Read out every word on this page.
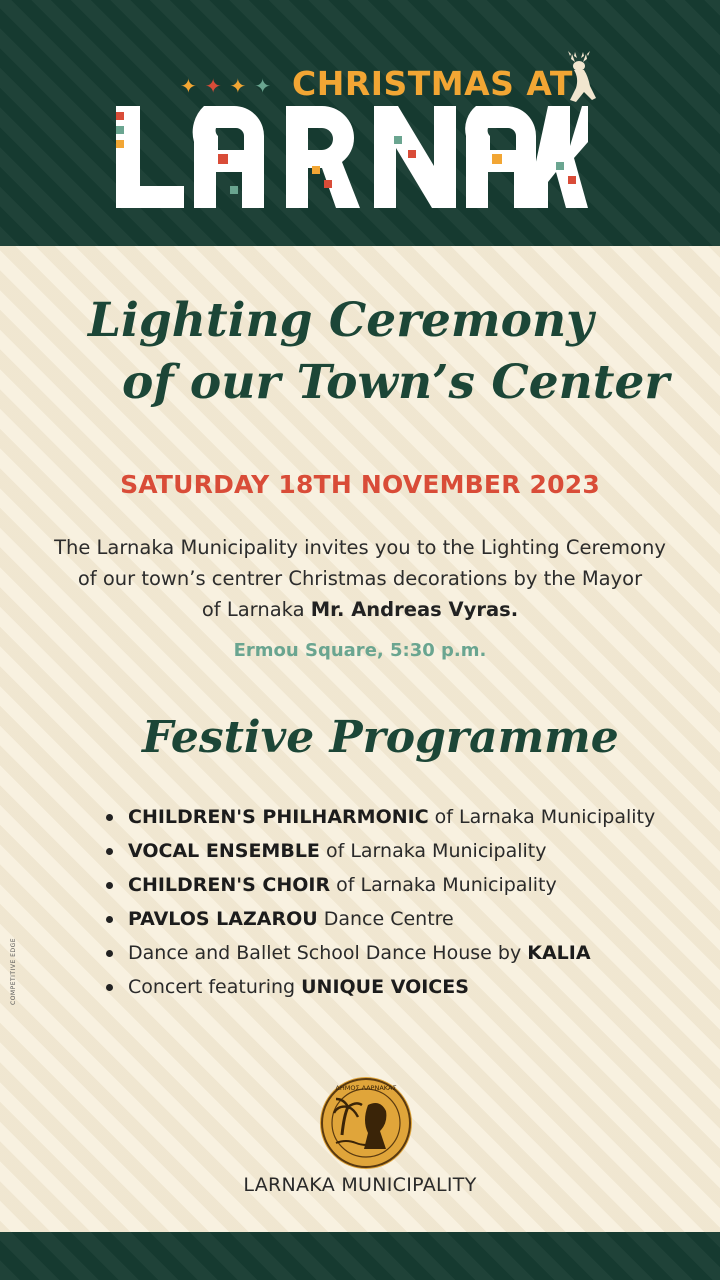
✦ ✦ ✦ ✦ CHRISTMAS AT
Lighting Ceremony
of our Town’s Center
SATURDAY 18TH NOVEMBER 2023
The Larnaka Municipality invites you to the Lighting Ceremony
of our town’s centrer Christmas decorations by the Mayor
of Larnaka Mr. Andreas Vyras.
Ermou Square, 5:30 p.m.
Festive Programme
CHILDREN'S PHILHARMONIC of Larnaka Municipality
VOCAL ENSEMBLE of Larnaka Municipality
CHILDREN'S CHOIR of Larnaka Municipality
PAVLOS LAZAROU Dance Centre
Dance and Ballet School Dance House by KALIA
Concert featuring UNIQUE VOICES
COMPETITIVE EDGE
ΔΗΜΟΣ ΛΑΡΝΑΚΑΣ
LARNAKA MUNICIPALITY
